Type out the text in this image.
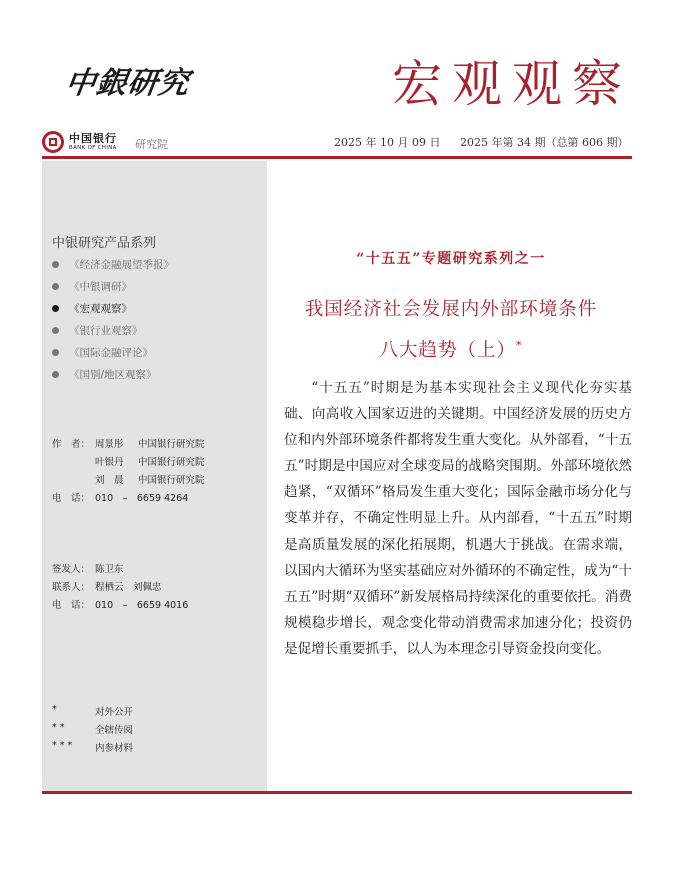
中銀研究	宏观观察
中国银行
BANK OF CHINA 研究院	2025 年 10 月 09 日 2025 年第 34 期（总第 606 期）
中银研究产品系列
《经济金融展望季报》
《中银调研》
《宏观观察》
《银行业观察》
《国际金融评论》
《国别/地区观察》
作　者： 周景彤	中国银行研究院
叶银丹	中国银行研究院
刘　晨	中国银行研究院
电　话： 010　–　6659 4264
签发人： 陈卫东
联系人： 程栖云　刘佩忠
电　话： 010　–　6659 4016
*	对外公开
**	全辖传阅
***	内参材料
“十五五”专题研究系列之一
我国经济社会发展内外部环境条件
八大趋势（上）*

“十五五”时期是为基本实现社会主义现代化夯实基础、向高收入国家迈进的关键期。中国经济发展的历史方位和内外部环境条件都将发生重大变化。从外部看，“十五五”时期是中国应对全球变局的战略突围期。外部环境依然趋紧，“双循环”格局发生重大变化；国际金融市场分化与变革并存，不确定性明显上升。从内部看，“十五五”时期是高质量发展的深化拓展期，机遇大于挑战。在需求端，以国内大循环为坚实基础应对外循环的不确定性，成为“十五五”时期“双循环”新发展格局持续深化的重要依托。消费规模稳步增长，观念变化带动消费需求加速分化；投资仍是促增长重要抓手，以人为本理念引导资金投向变化。
